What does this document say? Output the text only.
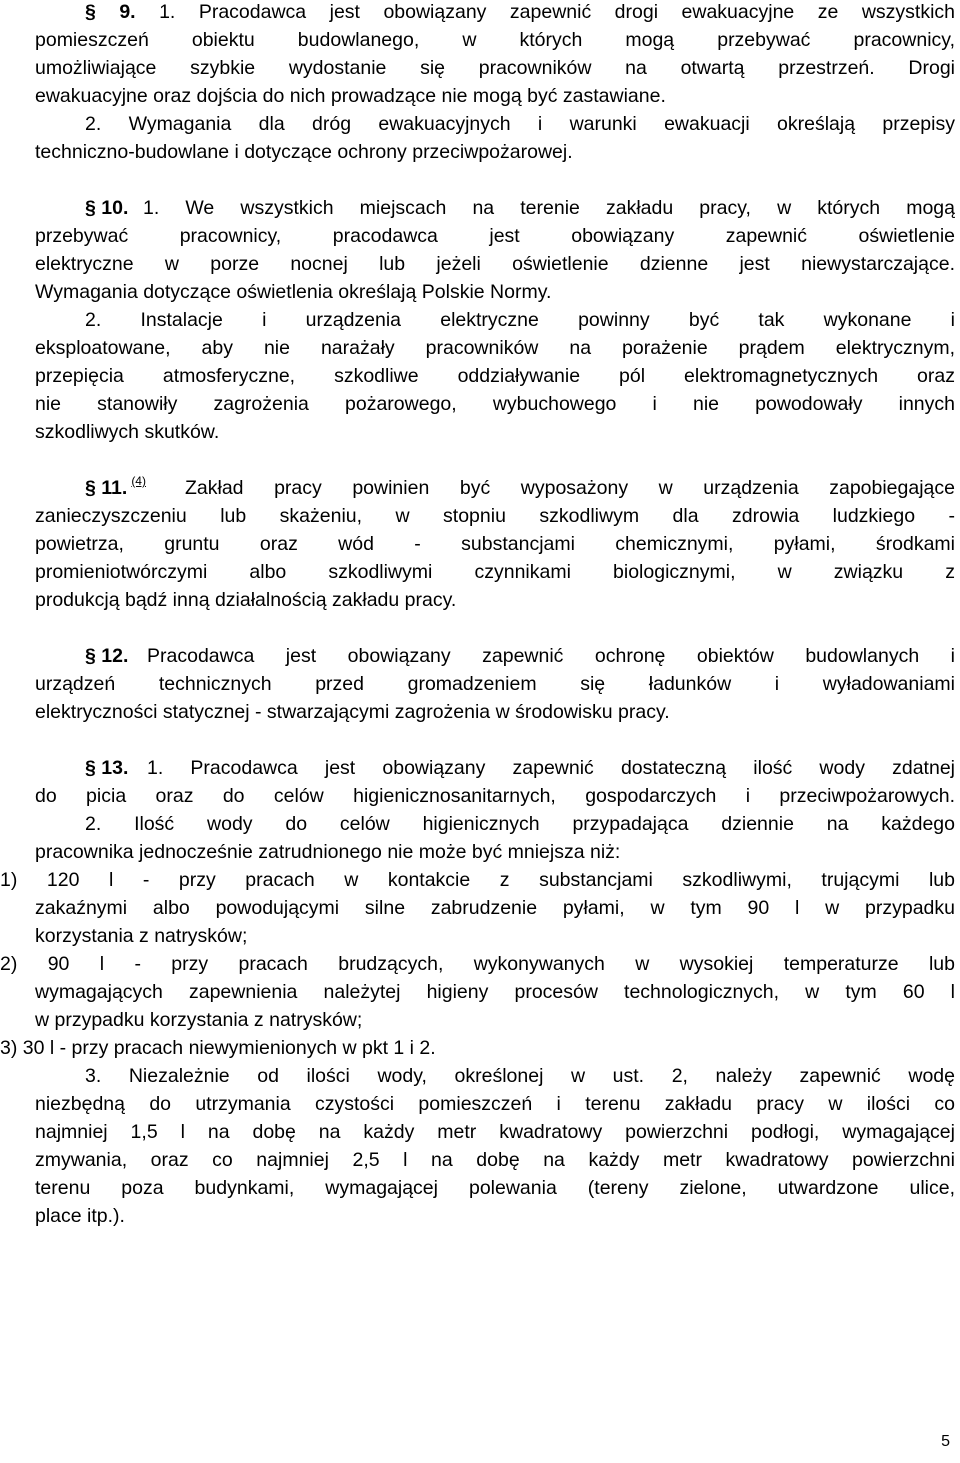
§ 9. 1. Pracodawca jest obowiązany zapewnić drogi ewakuacyjne ze wszystkich
pomieszczeń obiektu budowlanego, w których mogą przebywać pracownicy,
umożliwiające szybkie wydostanie się pracowników na otwartą przestrzeń. Drogi
ewakuacyjne oraz dojścia do nich prowadzące nie mogą być zastawiane.
2. Wymagania dla dróg ewakuacyjnych i warunki ewakuacji określają przepisy
techniczno-budowlane i dotyczące ochrony przeciwpożarowej.
§ 10. 1. We wszystkich miejscach na terenie zakładu pracy, w których mogą
przebywać pracownicy, pracodawca jest obowiązany zapewnić oświetlenie
elektryczne w porze nocnej lub jeżeli oświetlenie dzienne jest niewystarczające.
Wymagania dotyczące oświetlenia określają Polskie Normy.
2. Instalacje i urządzenia elektryczne powinny być tak wykonane i
eksploatowane, aby nie narażały pracowników na porażenie prądem elektrycznym,
przepięcia atmosferyczne, szkodliwe oddziaływanie pól elektromagnetycznych oraz
nie stanowiły zagrożenia pożarowego, wybuchowego i nie powodowały innych
szkodliwych skutków.
§ 11. $^{(4)}$	Zakład pracy powinien być wyposażony w urządzenia zapobiegające
zanieczyszczeniu lub skażeniu, w stopniu szkodliwym dla zdrowia ludzkiego -
powietrza, gruntu oraz wód - substancjami chemicznymi, pyłami, środkami
promieniotwórczymi albo szkodliwymi czynnikami biologicznymi, w związku z
produkcją bądź inną działalnością zakładu pracy.
§ 12. Pracodawca jest obowiązany zapewnić ochronę obiektów budowlanych i
urządzeń technicznych przed gromadzeniem się ładunków i wyładowaniami
elektryczności statycznej - stwarzającymi zagrożenia w środowisku pracy.
§ 13. 1. Pracodawca jest obowiązany zapewnić dostateczną ilość wody zdatnej
do picia oraz do celów higienicznosanitarnych, gospodarczych i przeciwpożarowych.
2. Ilość wody do celów higienicznych przypadająca dziennie na każdego
pracownika jednocześnie zatrudnionego nie może być mniejsza niż:
1) 120 l - przy pracach w kontakcie z substancjami szkodliwymi, trującymi lub
zakaźnymi albo powodującymi silne zabrudzenie pyłami, w tym 90 l w przypadku
korzystania z natrysków;
2) 90 l - przy pracach brudzących, wykonywanych w wysokiej temperaturze lub
wymagających zapewnienia należytej higieny procesów technologicznych, w tym 60 l
w przypadku korzystania z natrysków;
3) 30 l - przy pracach niewymienionych w pkt 1 i 2.
3. Niezależnie od ilości wody, określonej w ust. 2, należy zapewnić wodę
niezbędną do utrzymania czystości pomieszczeń i terenu zakładu pracy w ilości co
najmniej 1,5 l na dobę na każdy metr kwadratowy powierzchni podłogi, wymagającej
zmywania, oraz co najmniej 2,5 l na dobę na każdy metr kwadratowy powierzchni
terenu poza budynkami, wymagającej polewania (tereny zielone, utwardzone ulice,
place itp.).
5
